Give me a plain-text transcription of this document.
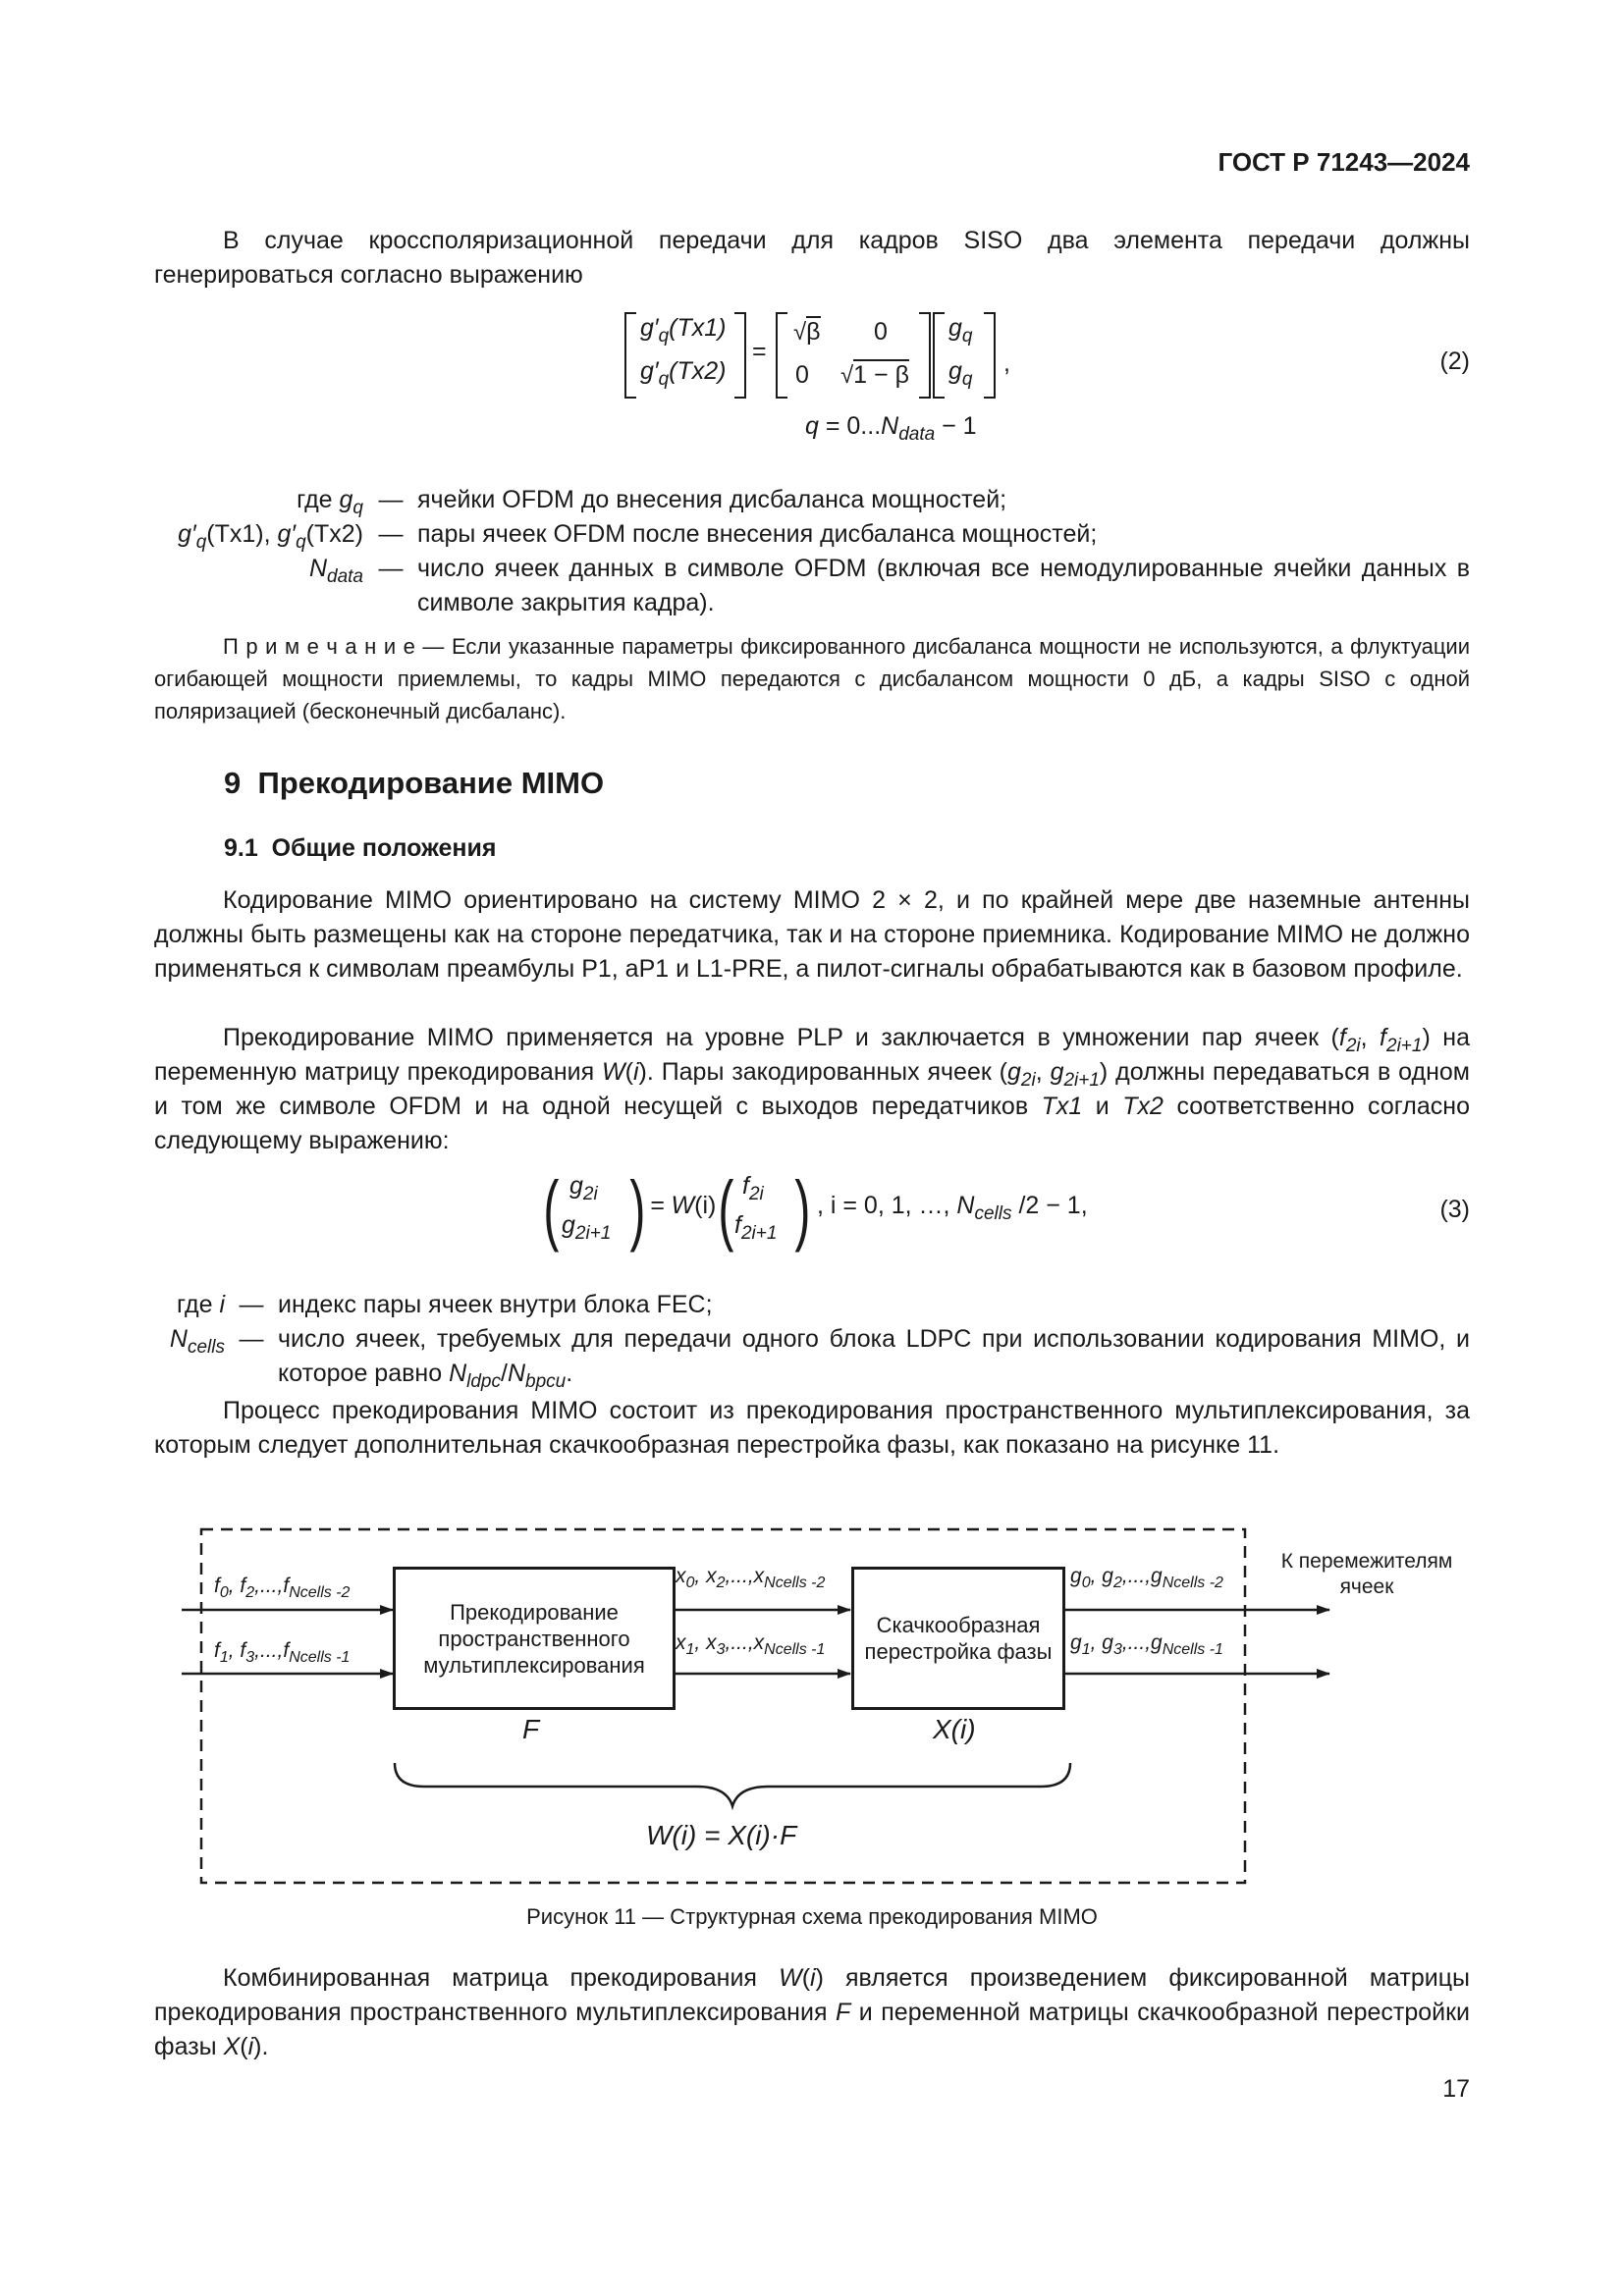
ГОСТ Р 71243—2024
В случае кроссполяризационной передачи для кадров SISO два элемента передачи должны генерироваться согласно выражению
$g'_q(Tx1)$
$g'_q(Tx2)$
=
√β 0
0 √1 − β
$g_q$
$g_q$
,
$q = 0...N_{data} - 1$
(2)
где $g_q$ — ячейки OFDM до внесения дисбаланса мощностей;
$g'_q(Tx1)$, $g'_q(Tx2)$ — пары ячеек OFDM после внесения дисбаланса мощностей;
$N_{data}$ — число ячеек данных в символе OFDM (включая все немодулированные ячейки данных в символе закрытия кадра).
П р и м е ч а н и е — Если указанные параметры фиксированного дисбаланса мощности не используются, а флуктуации огибающей мощности приемлемы, то кадры MIMO передаются с дисбалансом мощности 0 дБ, а кадры SISO с одной поляризацией (бесконечный дисбаланс).
9 Прекодирование MIMO
9.1 Общие положения
Кодирование MIMO ориентировано на систему MIMO 2 × 2, и по крайней мере две наземные антенны должны быть размещены как на стороне передатчика, так и на стороне приемника. Кодирование MIMO не должно применяться к символам преамбулы P1, aP1 и L1-PRE, а пилот-сигналы обрабатываются как в базовом профиле.
Прекодирование MIMO применяется на уровне PLP и заключается в умножении пар ячеек ($f_{2i}$, $f_{2i+1}$) на переменную матрицу прекодирования W(i). Пары закодированных ячеек ($g_{2i}$, $g_{2i+1}$) должны передаваться в одном и том же символе OFDM и на одной несущей с выходов передатчиков Tx1 и Tx2 соответственно согласно следующему выражению:
( $g_{2i}$
$g_{2i+1}$ ) = W(i) ( $f_{2i}$
$f_{2i+1}$ ) , i = 0, 1, …, $N_{cells}$ /2 − 1,	(3)
где i — индекс пары ячеек внутри блока FEC;
$N_{cells}$ — число ячеек, требуемых для передачи одного блока LDPC при использовании кодирования MIMO, и которое равно $N_{ldpc}/N_{bpcu}$.
Процесс прекодирования MIMO состоит из прекодирования пространственного мультиплексирования, за которым следует дополнительная скачкообразная перестройка фазы, как показано на рисунке 11.
Прекодирование пространственного мультиплексирования
Скачкообразная перестройка фазы
$f_0$, $f_2,...,f_{Ncells -2}$
$f_1$, $f_3,...,f_{Ncells -1}$
$x_0$, $x_2,...,x_{Ncells -2}$
$x_1$, $x_3,...,x_{Ncells -1}$
$g_0$, $g_2,...,g_{Ncells -2}$
$g_1$, $g_3,...,g_{Ncells -1}$
К перемежителям ячеек
F	X(i)
W(i) = X(i)·F
Рисунок 11 — Структурная схема прекодирования MIMO
Комбинированная матрица прекодирования W(i) является произведением фиксированной матрицы прекодирования пространственного мультиплексирования F и переменной матрицы скачкообразной перестройки фазы X(i).
17
